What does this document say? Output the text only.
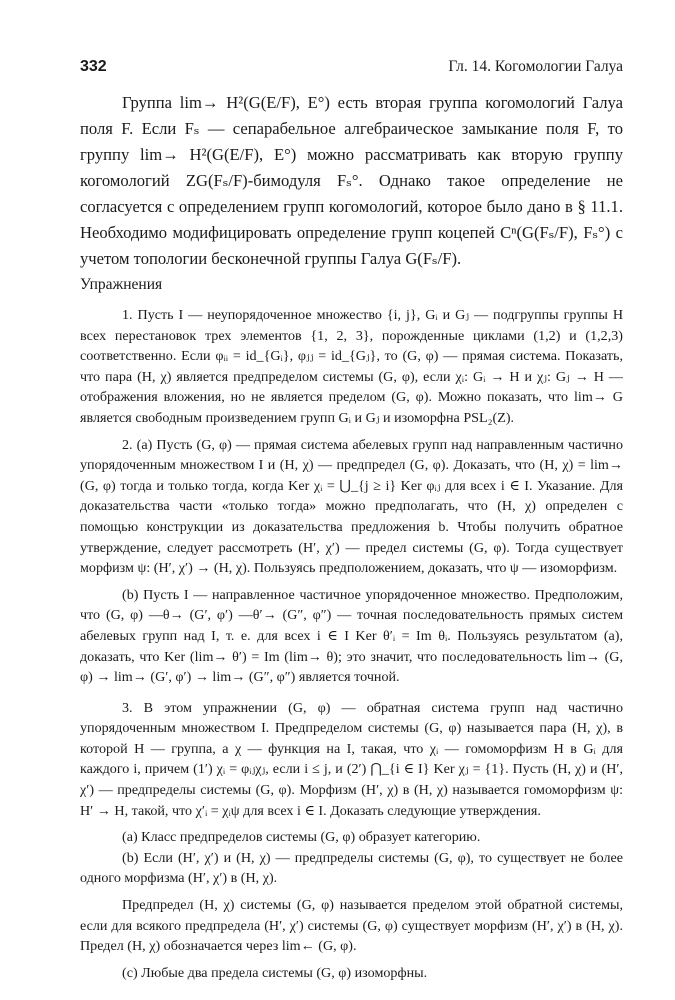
332	Гл. 14. Когомологии Галуа

Группа lim→ H²(G(E/F), E°) есть вторая группа когомологий Галуа поля F. Если Fₛ — сепарабельное алгебраическое замыкание поля F, то группу lim→ H²(G(E/F), E°) можно рассматривать как вторую группу когомологий ZG(Fₛ/F)-бимодуля Fₛ°. Однако такое определение не согласуется с определением групп когомологий, которое было дано в § 11.1. Необходимо модифицировать определение групп коцепей Cⁿ(G(Fₛ/F), Fₛ°) с учетом топологии бесконечной группы Галуа G(Fₛ/F).

Упражнения

1. Пусть I — неупорядоченное множество {i, j}, Gᵢ и Gⱼ — подгруппы группы H всех перестановок трех элементов {1, 2, 3}, порожденные циклами (1,2) и (1,2,3) соответственно. Если φᵢᵢ = id_{Gᵢ}, φⱼⱼ = id_{Gⱼ}, то (G, φ) — прямая система. Показать, что пара (H, χ) является предпределом системы (G, φ), если χᵢ: Gᵢ → H и χⱼ: Gⱼ → H — отображения вложения, но не является пределом (G, φ). Можно показать, что lim→ G является свободным произведением групп Gᵢ и Gⱼ и изоморфна PSL₂(Z).

2. (a) Пусть (G, φ) — прямая система абелевых групп над направленным частично упорядоченным множеством I и (H, χ) — предпредел (G, φ). Доказать, что (H, χ) = lim→ (G, φ) тогда и только тогда, когда Ker χᵢ = ⋃_{j ≥ i} Ker φᵢⱼ для всех i ∈ I. Указание. Для доказательства части «только тогда» можно предполагать, что (H, χ) определен с помощью конструкции из доказательства предложения b. Чтобы получить обратное утверждение, следует рассмотреть (H′, χ′) — предел системы (G, φ). Тогда существует морфизм ψ: (H′, χ′) → (H, χ). Пользуясь предположением, доказать, что ψ — изоморфизм.

(b) Пусть I — направленное частичное упорядоченное множество. Предположим, что (G, φ) —θ→ (G′, φ′) —θ′→ (G″, φ″) — точная последовательность прямых систем абелевых групп над I, т. е. для всех i ∈ I Ker θ′ᵢ = Im θᵢ. Пользуясь результатом (a), доказать, что Ker (lim→ θ′) = Im (lim→ θ); это значит, что последовательность lim→ (G, φ) → lim→ (G′, φ′) → lim→ (G″, φ″) является точной.

3. В этом упражнении (G, φ) — обратная система групп над частично упорядоченным множеством I. Предпределом системы (G, φ) называется пара (H, χ), в которой H — группа, а χ — функция на I, такая, что χᵢ — гомоморфизм H в Gᵢ для каждого i, причем (1′) χᵢ = φᵢⱼχⱼ, если i ≤ j, и (2′) ⋂_{i ∈ I} Ker χⱼ = {1}. Пусть (H, χ) и (H′, χ′) — предпределы системы (G, φ). Морфизм (H′, χ) в (H, χ) называется гомоморфизм ψ: H′ → H, такой, что χ′ᵢ = χᵢψ для всех i ∈ I. Доказать следующие утверждения.

(a) Класс предпределов системы (G, φ) образует категорию.

(b) Если (H′, χ′) и (H, χ) — предпределы системы (G, φ), то существует не более одного морфизма (H′, χ′) в (H, χ).

Предпредел (H, χ) системы (G, φ) называется пределом этой обратной системы, если для всякого предпредела (H′, χ′) системы (G, φ) существует морфизм (H′, χ′) в (H, χ). Предел (H, χ) обозначается через lim← (G, φ).

(c) Любые два предела системы (G, φ) изоморфны.
